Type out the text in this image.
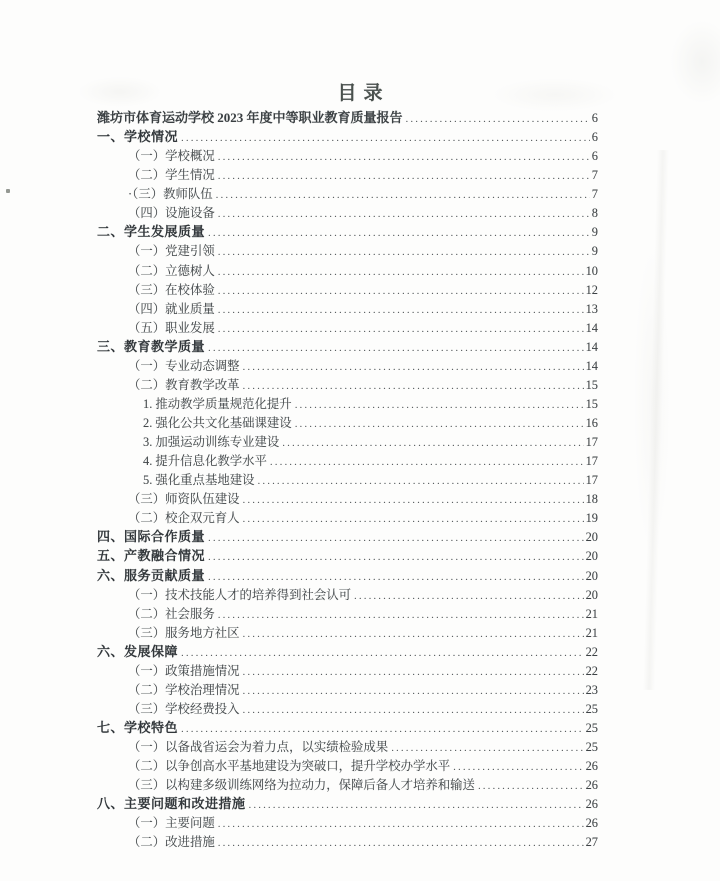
目录
潍坊市体育运动学校 2023 年度中等职业教育质量报告 .....	6
一、学校情况 .....	6
（一）学校概况 .....	6
（二）学生情况 .....	7
·（三）教师队伍 .....	7
（四）设施设备 .....	8
二、学生发展质量 .....	9
（一）党建引领 .....	9
（二）立德树人 .....	10
（三）在校体验 .....	12
（四）就业质量 .....	13
（五）职业发展 .....	14
三、教育教学质量 .....	14
（一）专业动态调整 .....	14
（二）教育教学改革 .....	15
1. 推动教学质量规范化提升 .....	15
2. 强化公共文化基础课建设 .....	16
3. 加强运动训练专业建设 .....	17
4. 提升信息化教学水平 .....	17
5. 强化重点基地建设 .....	17
（三）师资队伍建设 .....	18
（二）校企双元育人 .....	19
四、国际合作质量 .....	20
五、产教融合情况 .....	20
六、服务贡献质量 .....	20
（一）技术技能人才的培养得到社会认可 .....	20
（二）社会服务 .....	21
（三）服务地方社区 .....	21
六、发展保障 .....	22
（一）政策措施情况 .....	22
（二）学校治理情况 .....	23
（三）学校经费投入 .....	25
七、学校特色 .....	25
（一）以备战省运会为着力点，以实绩检验成果 .....	25
（二）以争创高水平基地建设为突破口，提升学校办学水平 .....	26
（三）以构建多级训练网络为拉动力，保障后备人才培养和输送 .....	26
八、主要问题和改进措施 .....	26
（一）主要问题 .....	26
（二）改进措施 .....	27
